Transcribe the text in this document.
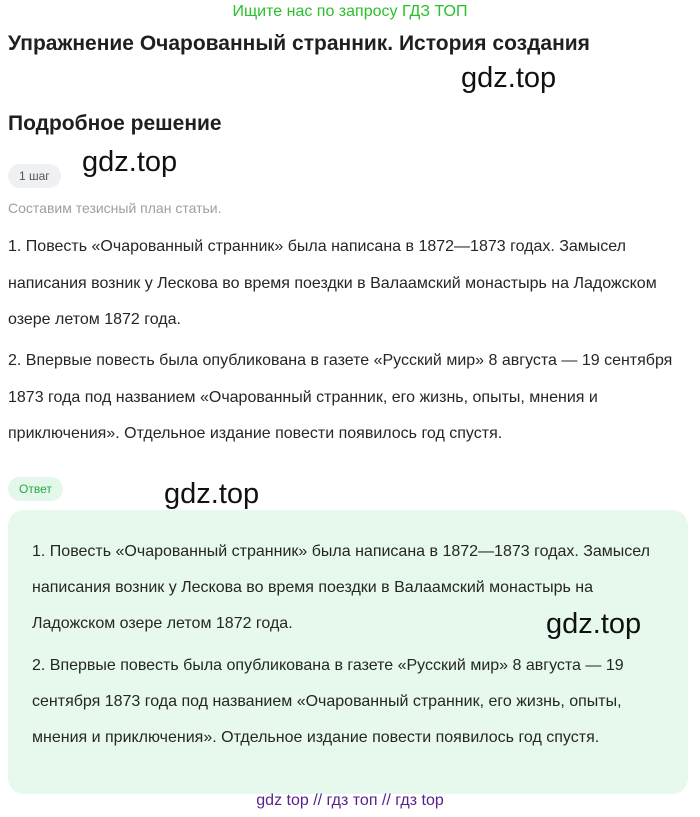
Ищите нас по запросу ГДЗ ТОП
Упражнение Очарованный странник. История создания
gdz.top
Подробное решение
1 шаг	gdz.top

Составим тезисный план статьи.

1. Повесть «Очарованный странник» была написана в 1872—1873 годах. Замысел написания возник у Лескова во время поездки в Валаамский монастырь на Ладожском озере летом 1872 года.

2. Впервые повесть была опубликована в газете «Русский мир» 8 августа — 19 сентября 1873 года под названием «Очарованный странник, его жизнь, опыты, мнения и приключения». Отдельное издание повести появилось год спустя.

Ответ	gdz.top

1. Повесть «Очарованный странник» была написана в 1872—1873 годах. Замысел написания возник у Лескова во время поездки в Валаамский монастырь на Ладожском озере летом 1872 года.

2. Впервые повесть была опубликована в газете «Русский мир» 8 августа — 19 сентября 1873 года под названием «Очарованный странник, его жизнь, опыты, мнения и приключения». Отдельное издание повести появилось год спустя.

gdz.top
gdz top // гдз топ // гдз top
